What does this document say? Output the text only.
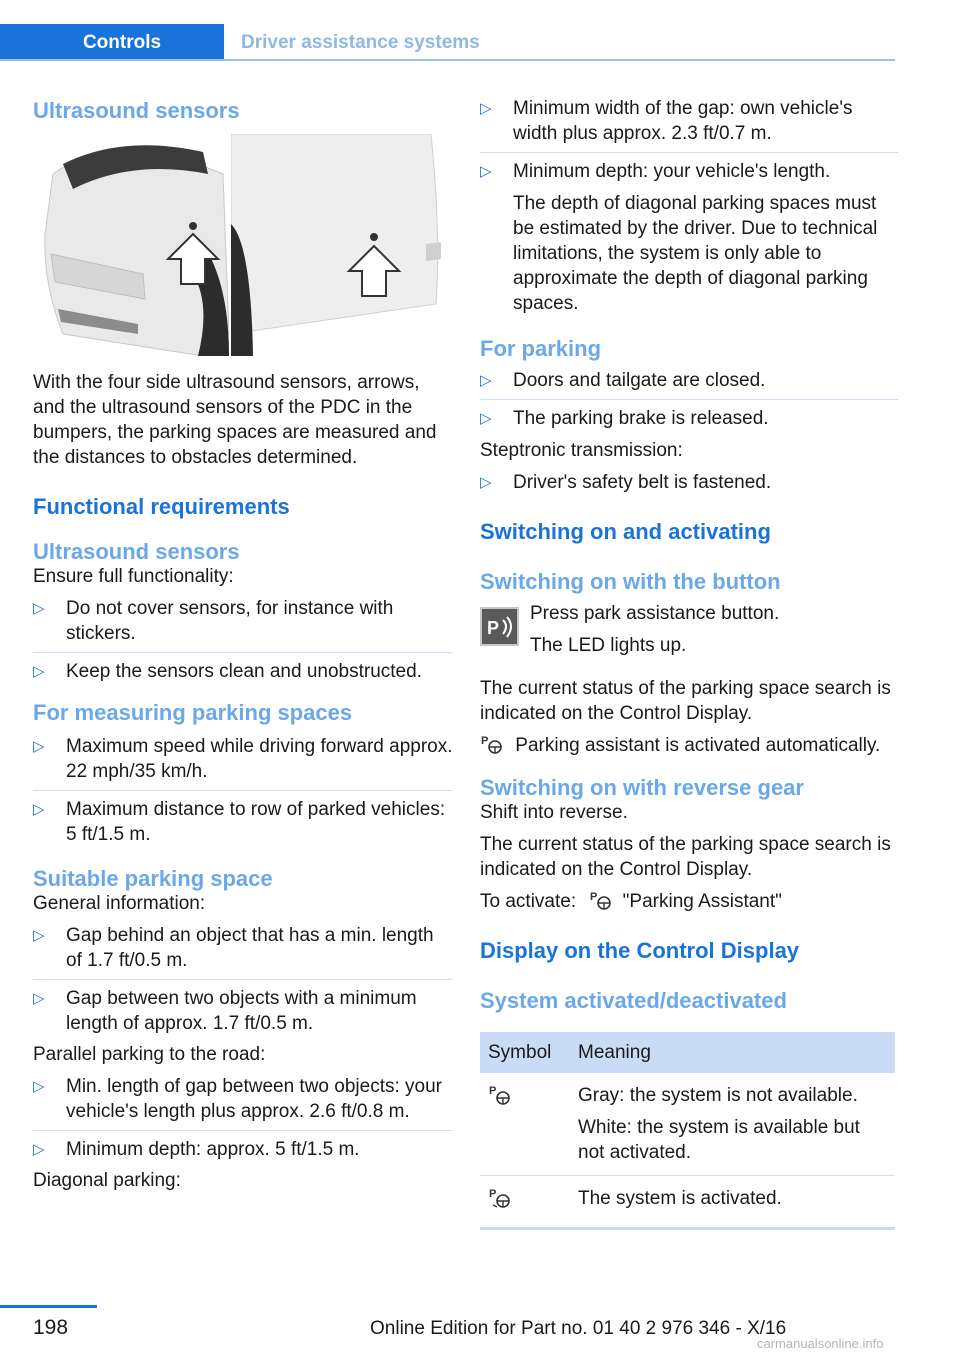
Controls	Driver assistance systems
Ultrasound sensors

With the four side ultrasound sensors, arrows, and the ultrasound sensors of the PDC in the bumpers, the parking spaces are measured and the distances to obstacles determined.

Functional requirements
Ultrasound sensors

Ensure full functionality:

▷ Do not cover sensors, for instance with stickers.
▷ Keep the sensors clean and unobstructed.
For measuring parking spaces
▷ Maximum speed while driving forward approx. 22 mph/35 km/h.
▷ Maximum distance to row of parked vehicles: 5 ft/1.5 m.
Suitable parking space

General information:

▷ Gap behind an object that has a min. length of 1.7 ft/0.5 m.
▷ Gap between two objects with a minimum length of approx. 1.7 ft/0.5 m.

Parallel parking to the road:

▷ Min. length of gap between two objects: your vehicle's length plus approx. 2.6 ft/0.8 m.
▷ Minimum depth: approx. 5 ft/1.5 m.

Diagonal parking:

▷ Minimum width of the gap: own vehicle's width plus approx. 2.3 ft/0.7 m.
▷ Minimum depth: your vehicle's length.

The depth of diagonal parking spaces must be estimated by the driver. Due to technical limitations, the system is only able to approximate the depth of diagonal parking spaces.

For parking
▷ Doors and tailgate are closed.
▷ The parking brake is released.

Steptronic transmission:

▷ Driver's safety belt is fastened.
Switching on and activating
Switching on with the button
P

Press park assistance button.

The LED lights up.

The current status of the parking space search is indicated on the Control Display.

P Parking assistant is activated automatically.

Switching on with reverse gear

Shift into reverse.

The current status of the parking space search is indicated on the Control Display.

To activate: P "Parking Assistant"

Display on the Control Display
System activated/deactivated
Symbol	Meaning

P	Gray: the system is not available.

White: the system is available but not activated.

P	The system is activated.
198	Online Edition for Part no. 01 40 2 976 346 - X/16
carmanualsonline.info
